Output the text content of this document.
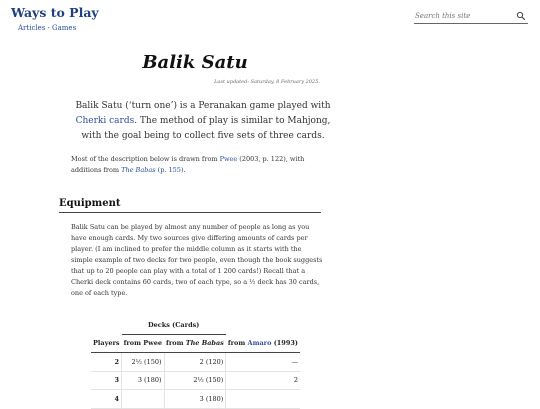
Ways to Play
Articles · Games
Search this site
Balik Satu
Last updated: Saturday, 8 February 2025.
Balik Satu (‘turn one’) is a Peranakan game played with Cherki cards. The method of play is similar to Mahjong, with the goal being to collect five sets of three cards.
Most of the description below is drawn from Pwee (2003, p. 122), with additions from The Babas (p. 155).
Equipment
Balik Satu can be played by almost any number of people as long as you have enough cards. My two sources give differing amounts of cards per player. (I am inclined to prefer the middle column as it starts with the simple example of two decks for two people, even though the book suggests that up to 20 people can play with a total of 1 200 cards!) Recall that a Cherki deck contains 60 cards, two of each type, so a ½ deck has 30 cards, one of each type.
	Decks (Cards)		
Players	from Pwee	from The Babas	from Amaro (1993)
2	2½ (150)	2 (120)	—
3	3 (180)	2½ (150)	2
4		3 (180)	
